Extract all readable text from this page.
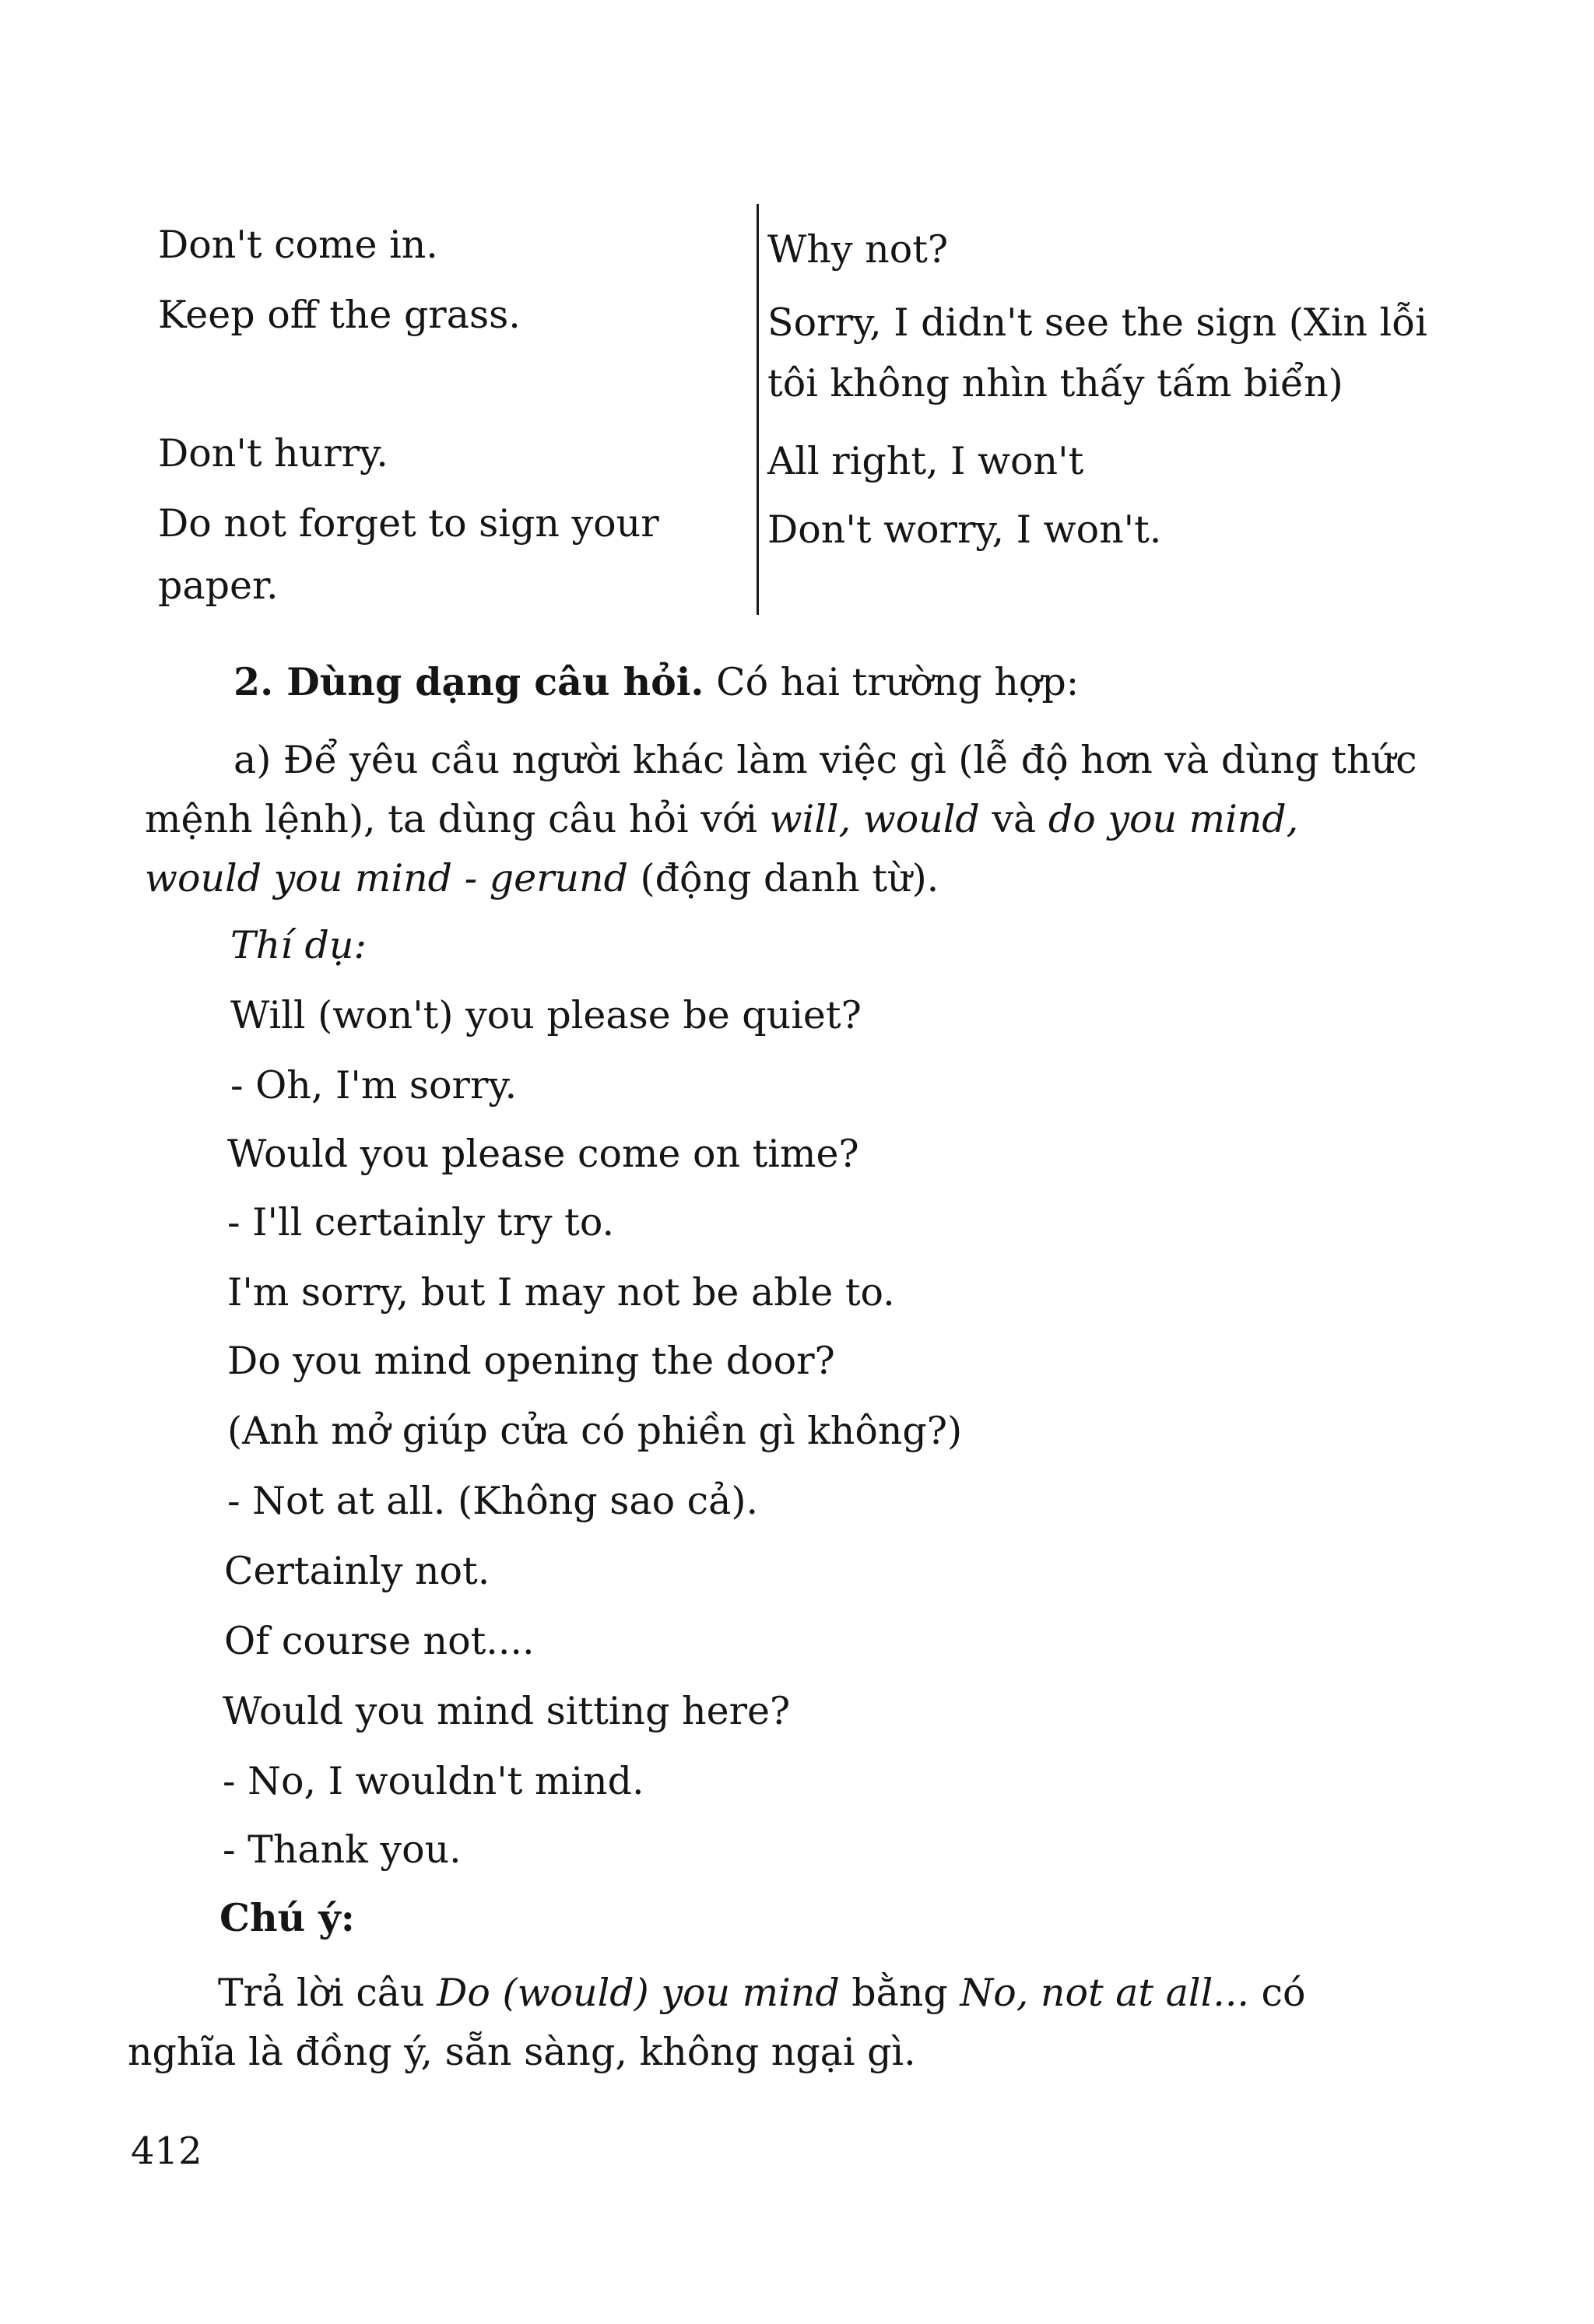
Don't come in.
Keep off the grass.
Don't hurry.
Do not forget to sign your
paper.
Why not?
Sorry, I didn't see the sign (Xin lỗi
tôi không nhìn thấy tấm biển)
All right, I won't
Don't worry, I won't.
2. Dùng dạng câu hỏi. Có hai trường hợp:
a) Để yêu cầu người khác làm việc gì (lễ độ hơn và dùng thức
mệnh lệnh), ta dùng câu hỏi với will, would và do you mind,
would you mind - gerund (động danh từ).
Thí dụ:
Will (won't) you please be quiet?
- Oh, I'm sorry.
Would you please come on time?
- I'll certainly try to.
I'm sorry, but I may not be able to.
Do you mind opening the door?
(Anh mở giúp cửa có phiền gì không?)
- Not at all. (Không sao cả).
Certainly not.
Of course not....
Would you mind sitting here?
- No, I wouldn't mind.
- Thank you.
Chú ý:
Trả lời câu Do (would) you mind bằng No, not at all... có
nghĩa là đồng ý, sẵn sàng, không ngại gì.
412
